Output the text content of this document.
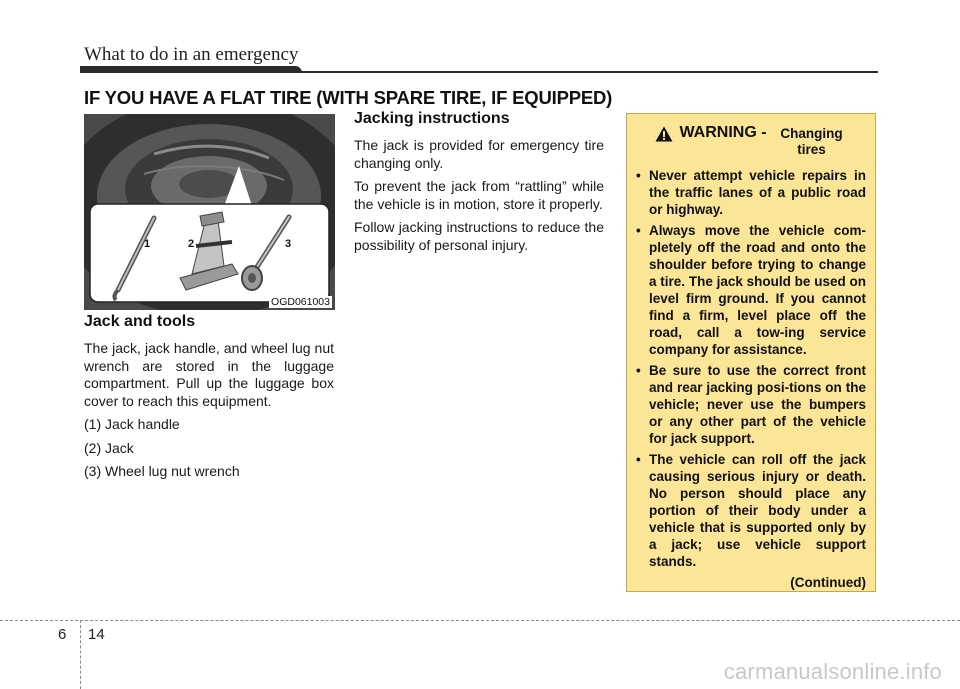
What to do in an emergency
IF YOU HAVE A FLAT TIRE (WITH SPARE TIRE, IF EQUIPPED)
1	2	3
OGD061003
Jack and tools

The jack, jack handle, and wheel lug nut wrench are stored in the luggage compartment. Pull up the luggage box cover to reach this equipment.

(1) Jack handle

(2) Jack

(3) Wheel lug nut wrench

Jacking instructions

The jack is provided for emergency tire changing only.

To prevent the jack from “rattling” while the vehicle is in motion, store it properly.

Follow jacking instructions to reduce the possibility of personal injury.

WARNING -	Changing tires
• Never attempt vehicle repairs in the traffic lanes of a public road or highway.
• Always move the vehicle com-pletely off the road and onto the shoulder before trying to change a tire. The jack should be used on level firm ground. If you cannot find a firm, level place off the road, call a tow-ing service company for assistance.
• Be sure to use the correct front and rear jacking posi-tions on the vehicle; never use the bumpers or any other part of the vehicle for jack support.
• The vehicle can roll off the jack causing serious injury or death. No person should place any portion of their body under a vehicle that is supported only by a jack; use vehicle support stands.
(Continued)
6 14
carmanualsonline.info
